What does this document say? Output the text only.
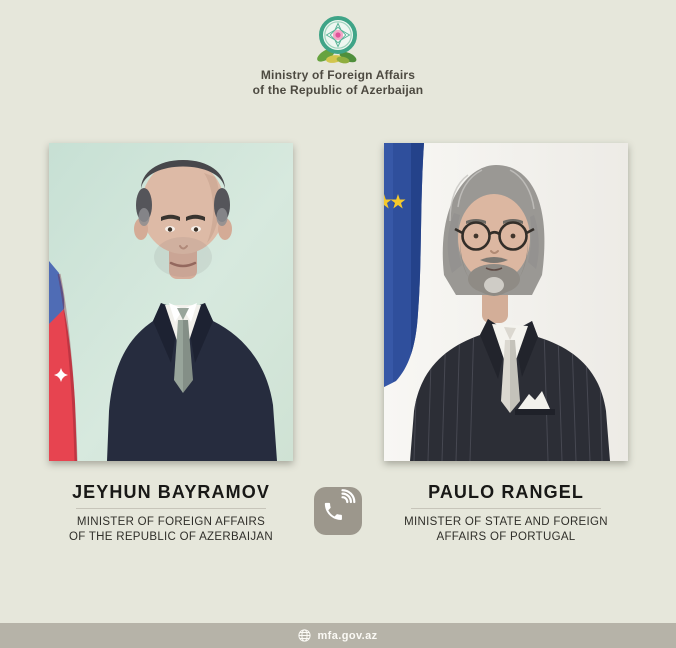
Ministry of Foreign Affairs
of the Republic of Azerbaijan
JEYHUN BAYRAMOV
MINISTER OF FOREIGN AFFAIRS
OF THE REPUBLIC OF AZERBAIJAN
PAULO RANGEL
MINISTER OF STATE AND FOREIGN
AFFAIRS OF PORTUGAL
mfa.gov.az
